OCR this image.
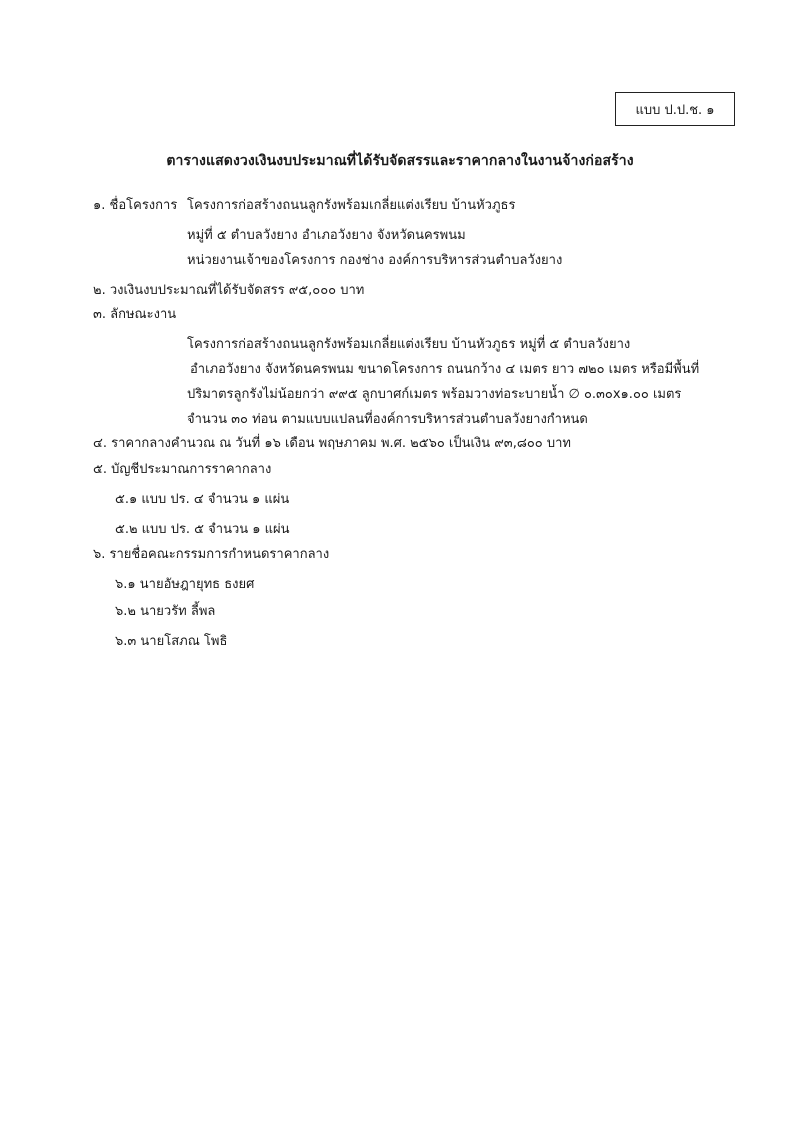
แบบ ป.ป.ช. ๑
ตารางแสดงวงเงินงบประมาณที่ได้รับจัดสรรและราคากลางในงานจ้างก่อสร้าง
๑. ชื่อโครงการ โครงการก่อสร้างถนนลูกรังพร้อมเกลี่ยแต่งเรียบ บ้านหัวภูธร
หมู่ที่ ๕ ตำบลวังยาง อำเภอวังยาง จังหวัดนครพนม
หน่วยงานเจ้าของโครงการ กองช่าง องค์การบริหารส่วนตำบลวังยาง
๒. วงเงินงบประมาณที่ได้รับจัดสรร ๙๕,๐๐๐ บาท
๓. ลักษณะงาน
โครงการก่อสร้างถนนลูกรังพร้อมเกลี่ยแต่งเรียบ บ้านหัวภูธร หมู่ที่ ๕ ตำบลวังยาง
อำเภอวังยาง จังหวัดนครพนม ขนาดโครงการ ถนนกว้าง ๔ เมตร ยาว ๗๒๐ เมตร หรือมีพื้นที่
ปริมาตรลูกรังไม่น้อยกว่า ๙๙๕ ลูกบาศก์เมตร พร้อมวางท่อระบายน้ำ ∅ ๐.๓๐x๑.๐๐ เมตร
จำนวน ๓๐ ท่อน ตามแบบแปลนที่องค์การบริหารส่วนตำบลวังยางกำหนด
๔. ราคากลางคำนวณ ณ วันที่ ๑๖ เดือน พฤษภาคม พ.ศ. ๒๕๖๐ เป็นเงิน ๙๓,๘๐๐ บาท
๕. บัญชีประมาณการราคากลาง
๕.๑ แบบ ปร. ๔ จำนวน ๑ แผ่น
๕.๒ แบบ ปร. ๕ จำนวน ๑ แผ่น
๖. รายชื่อคณะกรรมการกำหนดราคากลาง
๖.๑ นายอัษฎายุทธ ธงยศ
๖.๒ นายวรัท ลี้พล
๖.๓ นายโสภณ โพธิ
